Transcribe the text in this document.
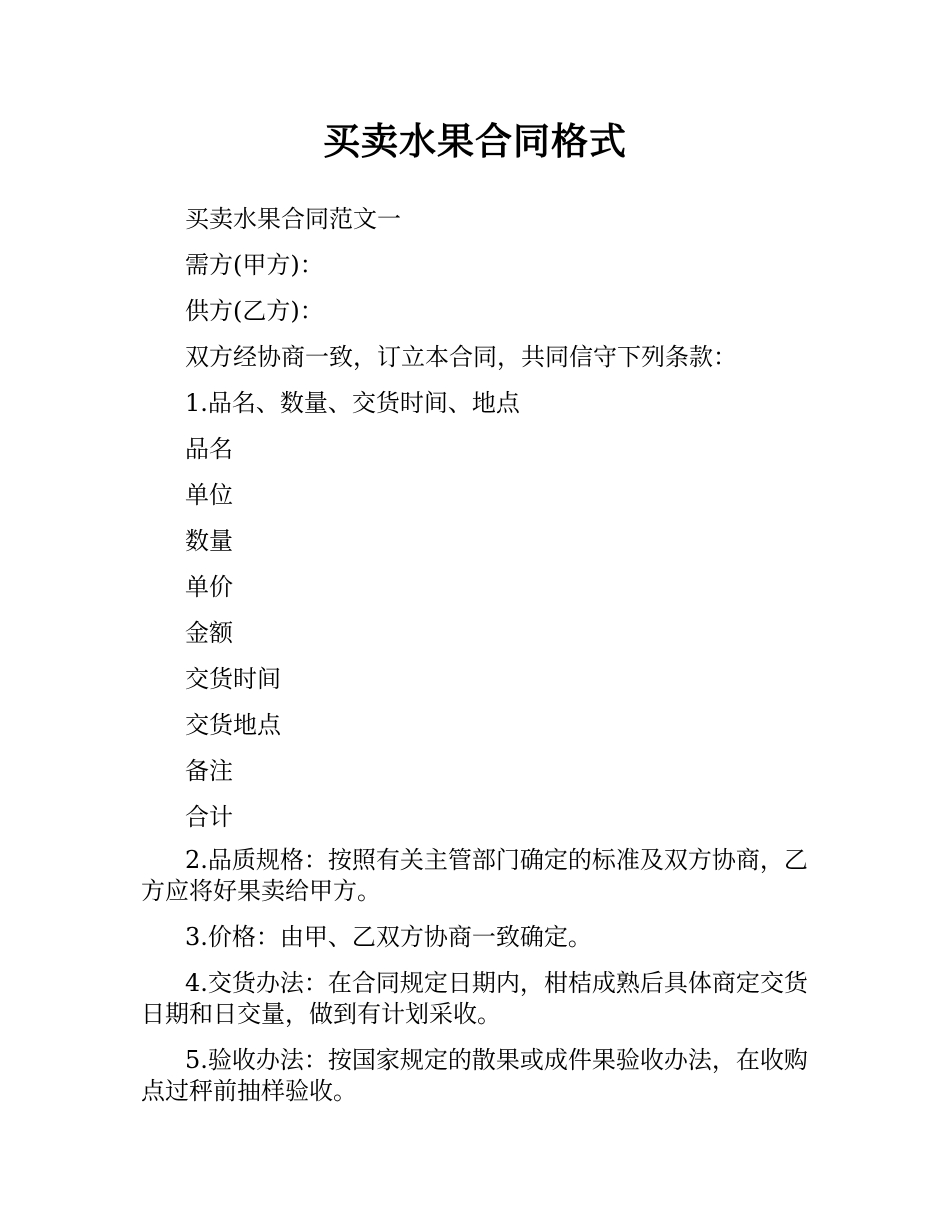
买卖水果合同格式

买卖水果合同范文一

需方(甲方)：

供方(乙方)：

双方经协商一致，订立本合同，共同信守下列条款：

1.品名、数量、交货时间、地点

品名

单位

数量

单价

金额

交货时间

交货地点

备注

合计

2.品质规格：按照有关主管部门确定的标准及双方协商，乙方应将好果卖给甲方。

3.价格：由甲、乙双方协商一致确定。

4.交货办法：在合同规定日期内，柑桔成熟后具体商定交货日期和日交量，做到有计划采收。

5.验收办法：按国家规定的散果或成件果验收办法，在收购点过秤前抽样验收。
